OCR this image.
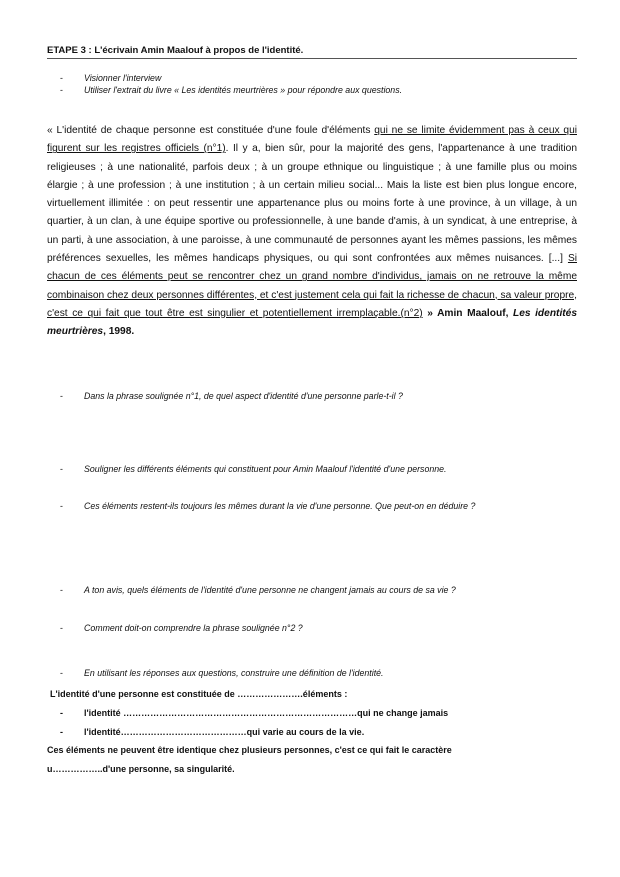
ETAPE 3 : L'écrivain Amin Maalouf à propos de l'identité.
- Visionner l'interview
- Utiliser l'extrait du livre « Les identités meurtrières » pour répondre aux questions.
« L'identité de chaque personne est constituée d'une foule d'éléments qui ne se limite évidemment pas à ceux qui figurent sur les registres officiels (n°1). Il y a, bien sûr, pour la majorité des gens, l'appartenance à une tradition religieuses ; à une nationalité, parfois deux ; à un groupe ethnique ou linguistique ; à une famille plus ou moins élargie ; à une profession ; à une institution ; à un certain milieu social... Mais la liste est bien plus longue encore, virtuellement illimitée : on peut ressentir une appartenance plus ou moins forte à une province, à un village, à un quartier, à un clan, à une équipe sportive ou professionnelle, à une bande d'amis, à un syndicat, à une entreprise, à un parti, à une association, à une paroisse, à une communauté de personnes ayant les mêmes passions, les mêmes préférences sexuelles, les mêmes handicaps physiques, ou qui sont confrontées aux mêmes nuisances. [...] Si chacun de ces éléments peut se rencontrer chez un grand nombre d'individus, jamais on ne retrouve la même combinaison chez deux personnes différentes, et c'est justement cela qui fait la richesse de chacun, sa valeur propre, c'est ce qui fait que tout être est singulier et potentiellement irremplaçable.(n°2) » Amin Maalouf, Les identités meurtrières, 1998.
- Dans la phrase soulignée n°1, de quel aspect d'identité d'une personne parle-t-il ?
- Souligner les différents éléments qui constituent pour Amin Maalouf l'identité d'une personne.
- Ces éléments restent-ils toujours les mêmes durant la vie d'une personne. Que peut-on en déduire ?
- A ton avis, quels éléments de l'identité d'une personne ne changent jamais au cours de sa vie ?
- Comment doit-on comprendre la phrase soulignée n°2 ?
- En utilisant les réponses aux questions, construire une définition de l'identité.
L'identité d'une personne est constituée de ………………….éléments :
- l'identité ……………………………………………………………………qui ne change jamais
- l'identité……………………………………qui varie au cours de la vie.
Ces éléments ne peuvent être identique chez plusieurs personnes, c'est ce qui fait le caractère
u……………..d'une personne, sa singularité.
